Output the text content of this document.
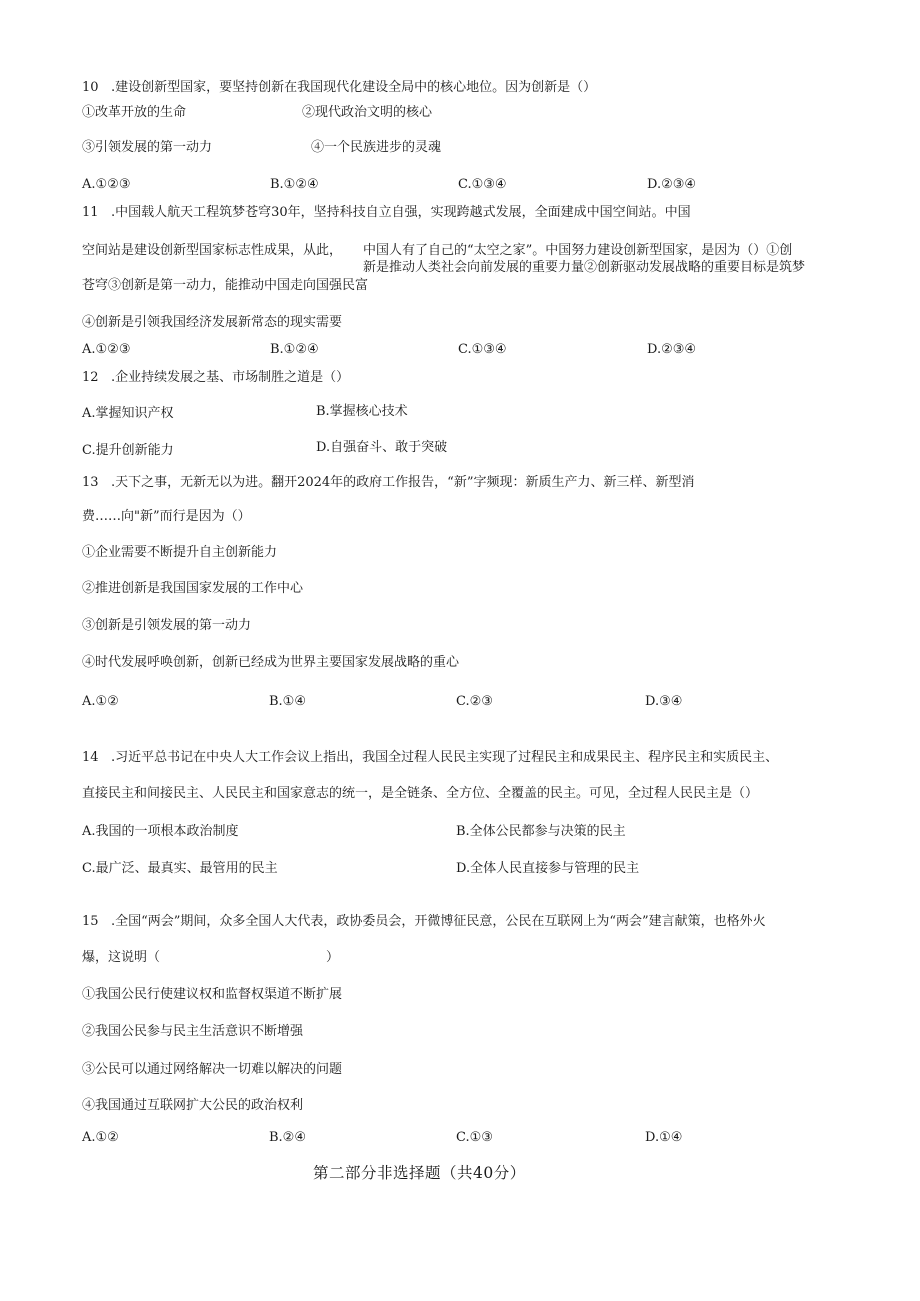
10 .建设创新型国家，要坚持创新在我国现代化建设全局中的核心地位。因为创新是（）
①改革开放的生命	②现代政治文明的核心
③引领发展的第一动力	④一个民族进步的灵魂
A.①②③	B.①②④	C.①③④	D.②③④
11 .中国载人航天工程筑梦苍穹30年，坚持科技自立自强，实现跨越式发展，全面建成中国空间站。中国
空间站是建设创新型国家标志性成果，从此， 中国人有了自己的“太空之家”。中国努力建设创新型国家，是因为（）①创
新是推动人类社会向前发展的重要力量②创新驱动发展战略的重要目标是筑梦
苍穹③创新是第一动力，能推动中国走向国强民富
④创新是引领我国经济发展新常态的现实需要
A.①②③	B.①②④	C.①③④	D.②③④
12 .企业持续发展之基、市场制胜之道是（）
A.掌握知识产权	B.掌握核心技术
C.提升创新能力	D.自强奋斗、敢于突破
13 .天下之事，无新无以为进。翻开2024年的政府工作报告，“新”字频现：新质生产力、新三样、新型消
费……向"新”而行是因为（）
①企业需要不断提升自主创新能力
②推进创新是我国国家发展的工作中心
③创新是引领发展的第一动力
④时代发展呼唤创新，创新已经成为世界主要国家发展战略的重心
A.①②	B.①④	C.②③	D.③④
14 .习近平总书记在中央人大工作会议上指出，我国全过程人民民主实现了过程民主和成果民主、程序民主和实质民主、
直接民主和间接民主、人民民主和国家意志的统一，是全链条、全方位、全覆盖的民主。可见，全过程人民民主是（）
A.我国的一项根本政治制度	B.全体公民都参与决策的民主
C.最广泛、最真实、最管用的民主	D.全体人民直接参与管理的民主
15 .全国“两会”期间，众多全国人大代表，政协委员会，开微博征民意，公民在互联网上为“两会”建言献策，也格外火
爆，这说明（	）
①我国公民行使建议权和监督权渠道不断扩展
②我国公民参与民主生活意识不断增强
③公民可以通过网络解决一切难以解决的问题
④我国通过互联网扩大公民的政治权利
A.①②	B.②④	C.①③	D.①④
第二部分非选择题（共40分）
